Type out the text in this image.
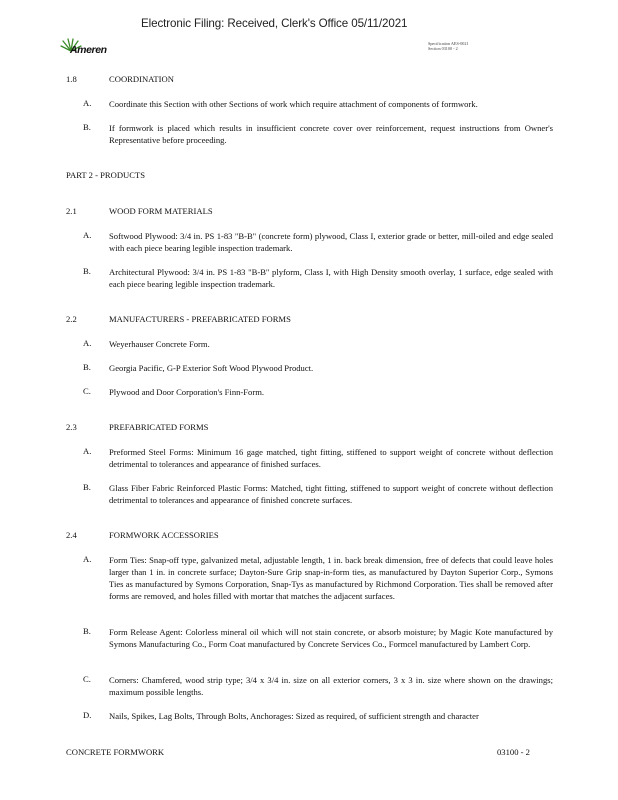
Electronic Filing: Received, Clerk's Office 05/11/2021
Ameren
Specification AES-0021
Section 03100 - 2
1.8	COORDINATION
A. Coordinate this Section with other Sections of work which require attachment of components of formwork.
B. If formwork is placed which results in insufficient concrete cover over reinforcement, request instructions from Owner's Representative before proceeding.
PART 2 - PRODUCTS
2.1	WOOD FORM MATERIALS
A. Softwood Plywood: 3/4 in. PS 1-83 "B-B" (concrete form) plywood, Class I, exterior grade or better, mill-oiled and edge sealed with each piece bearing legible inspection trademark.
B. Architectural Plywood: 3/4 in. PS 1-83 "B-B" plyform, Class I, with High Density smooth overlay, 1 surface, edge sealed with each piece bearing legible inspection trademark.
2.2	MANUFACTURERS - PREFABRICATED FORMS
A. Weyerhauser Concrete Form.
B. Georgia Pacific, G-P Exterior Soft Wood Plywood Product.
C. Plywood and Door Corporation's Finn-Form.
2.3	PREFABRICATED FORMS
A. Preformed Steel Forms: Minimum 16 gage matched, tight fitting, stiffened to support weight of concrete without deflection detrimental to tolerances and appearance of finished surfaces.
B. Glass Fiber Fabric Reinforced Plastic Forms: Matched, tight fitting, stiffened to support weight of concrete without deflection detrimental to tolerances and appearance of finished concrete surfaces.
2.4	FORMWORK ACCESSORIES
A. Form Ties: Snap-off type, galvanized metal, adjustable length, 1 in. back break dimension, free of defects that could leave holes larger than 1 in. in concrete surface; Dayton-Sure Grip snap-in-form ties, as manufactured by Dayton Superior Corp., Symons Ties as manufactured by Symons Corporation, Snap-Tys as manufactured by Richmond Corporation. Ties shall be removed after forms are removed, and holes filled with mortar that matches the adjacent surfaces.
B. Form Release Agent: Colorless mineral oil which will not stain concrete, or absorb moisture; by Magic Kote manufactured by Symons Manufacturing Co., Form Coat manufactured by Concrete Services Co., Formcel manufactured by Lambert Corp.
C. Corners: Chamfered, wood strip type; 3/4 x 3/4 in. size on all exterior corners, 3 x 3 in. size where shown on the drawings; maximum possible lengths.
D. Nails, Spikes, Lag Bolts, Through Bolts, Anchorages: Sized as required, of sufficient strength and character
CONCRETE FORMWORK	03100 - 2
